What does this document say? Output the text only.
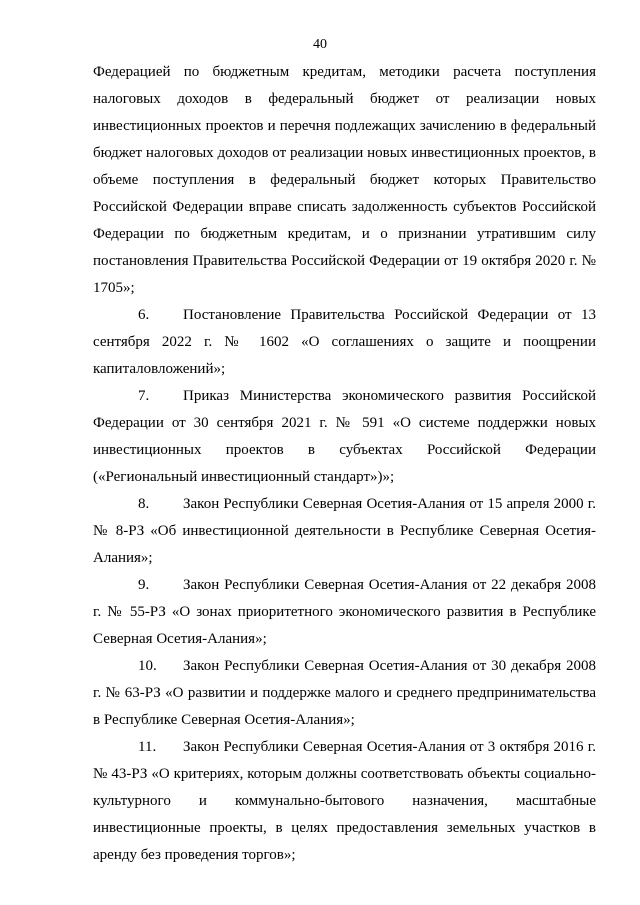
40

Федерацией по бюджетным кредитам, методики расчета поступления налоговых доходов в федеральный бюджет от реализации новых инвестиционных проектов и перечня подлежащих зачислению в федеральный бюджет налоговых доходов от реализации новых инвестиционных проектов, в объеме поступления в федеральный бюджет которых Правительство Российской Федерации вправе списать задолженность субъектов Российской Федерации по бюджетным кредитам, и о признании утратившим силу постановления Правительства Российской Федерации от 19 октября 2020 г. № 1705»;

6. Постановление Правительства Российской Федерации от 13 сентября 2022 г. № 1602 «О соглашениях о защите и поощрении капиталовложений»;

7. Приказ Министерства экономического развития Российской Федерации от 30 сентября 2021 г. № 591 «О системе поддержки новых инвестиционных проектов в субъектах Российской Федерации («Региональный инвестиционный стандарт»)»;

8. Закон Республики Северная Осетия-Алания от 15 апреля 2000 г. № 8-РЗ «Об инвестиционной деятельности в Республике Северная Осетия-Алания»;

9. Закон Республики Северная Осетия-Алания от 22 декабря 2008 г. № 55-РЗ «О зонах приоритетного экономического развития в Республике Северная Осетия-Алания»;

10. Закон Республики Северная Осетия-Алания от 30 декабря 2008 г. № 63-РЗ «О развитии и поддержке малого и среднего предпринимательства в Республике Северная Осетия-Алания»;

11. Закон Республики Северная Осетия-Алания от 3 октября 2016 г. № 43-РЗ «О критериях, которым должны соответствовать объекты социально-культурного и коммунально-бытового назначения, масштабные инвестиционные проекты, в целях предоставления земельных участков в аренду без проведения торгов»;
